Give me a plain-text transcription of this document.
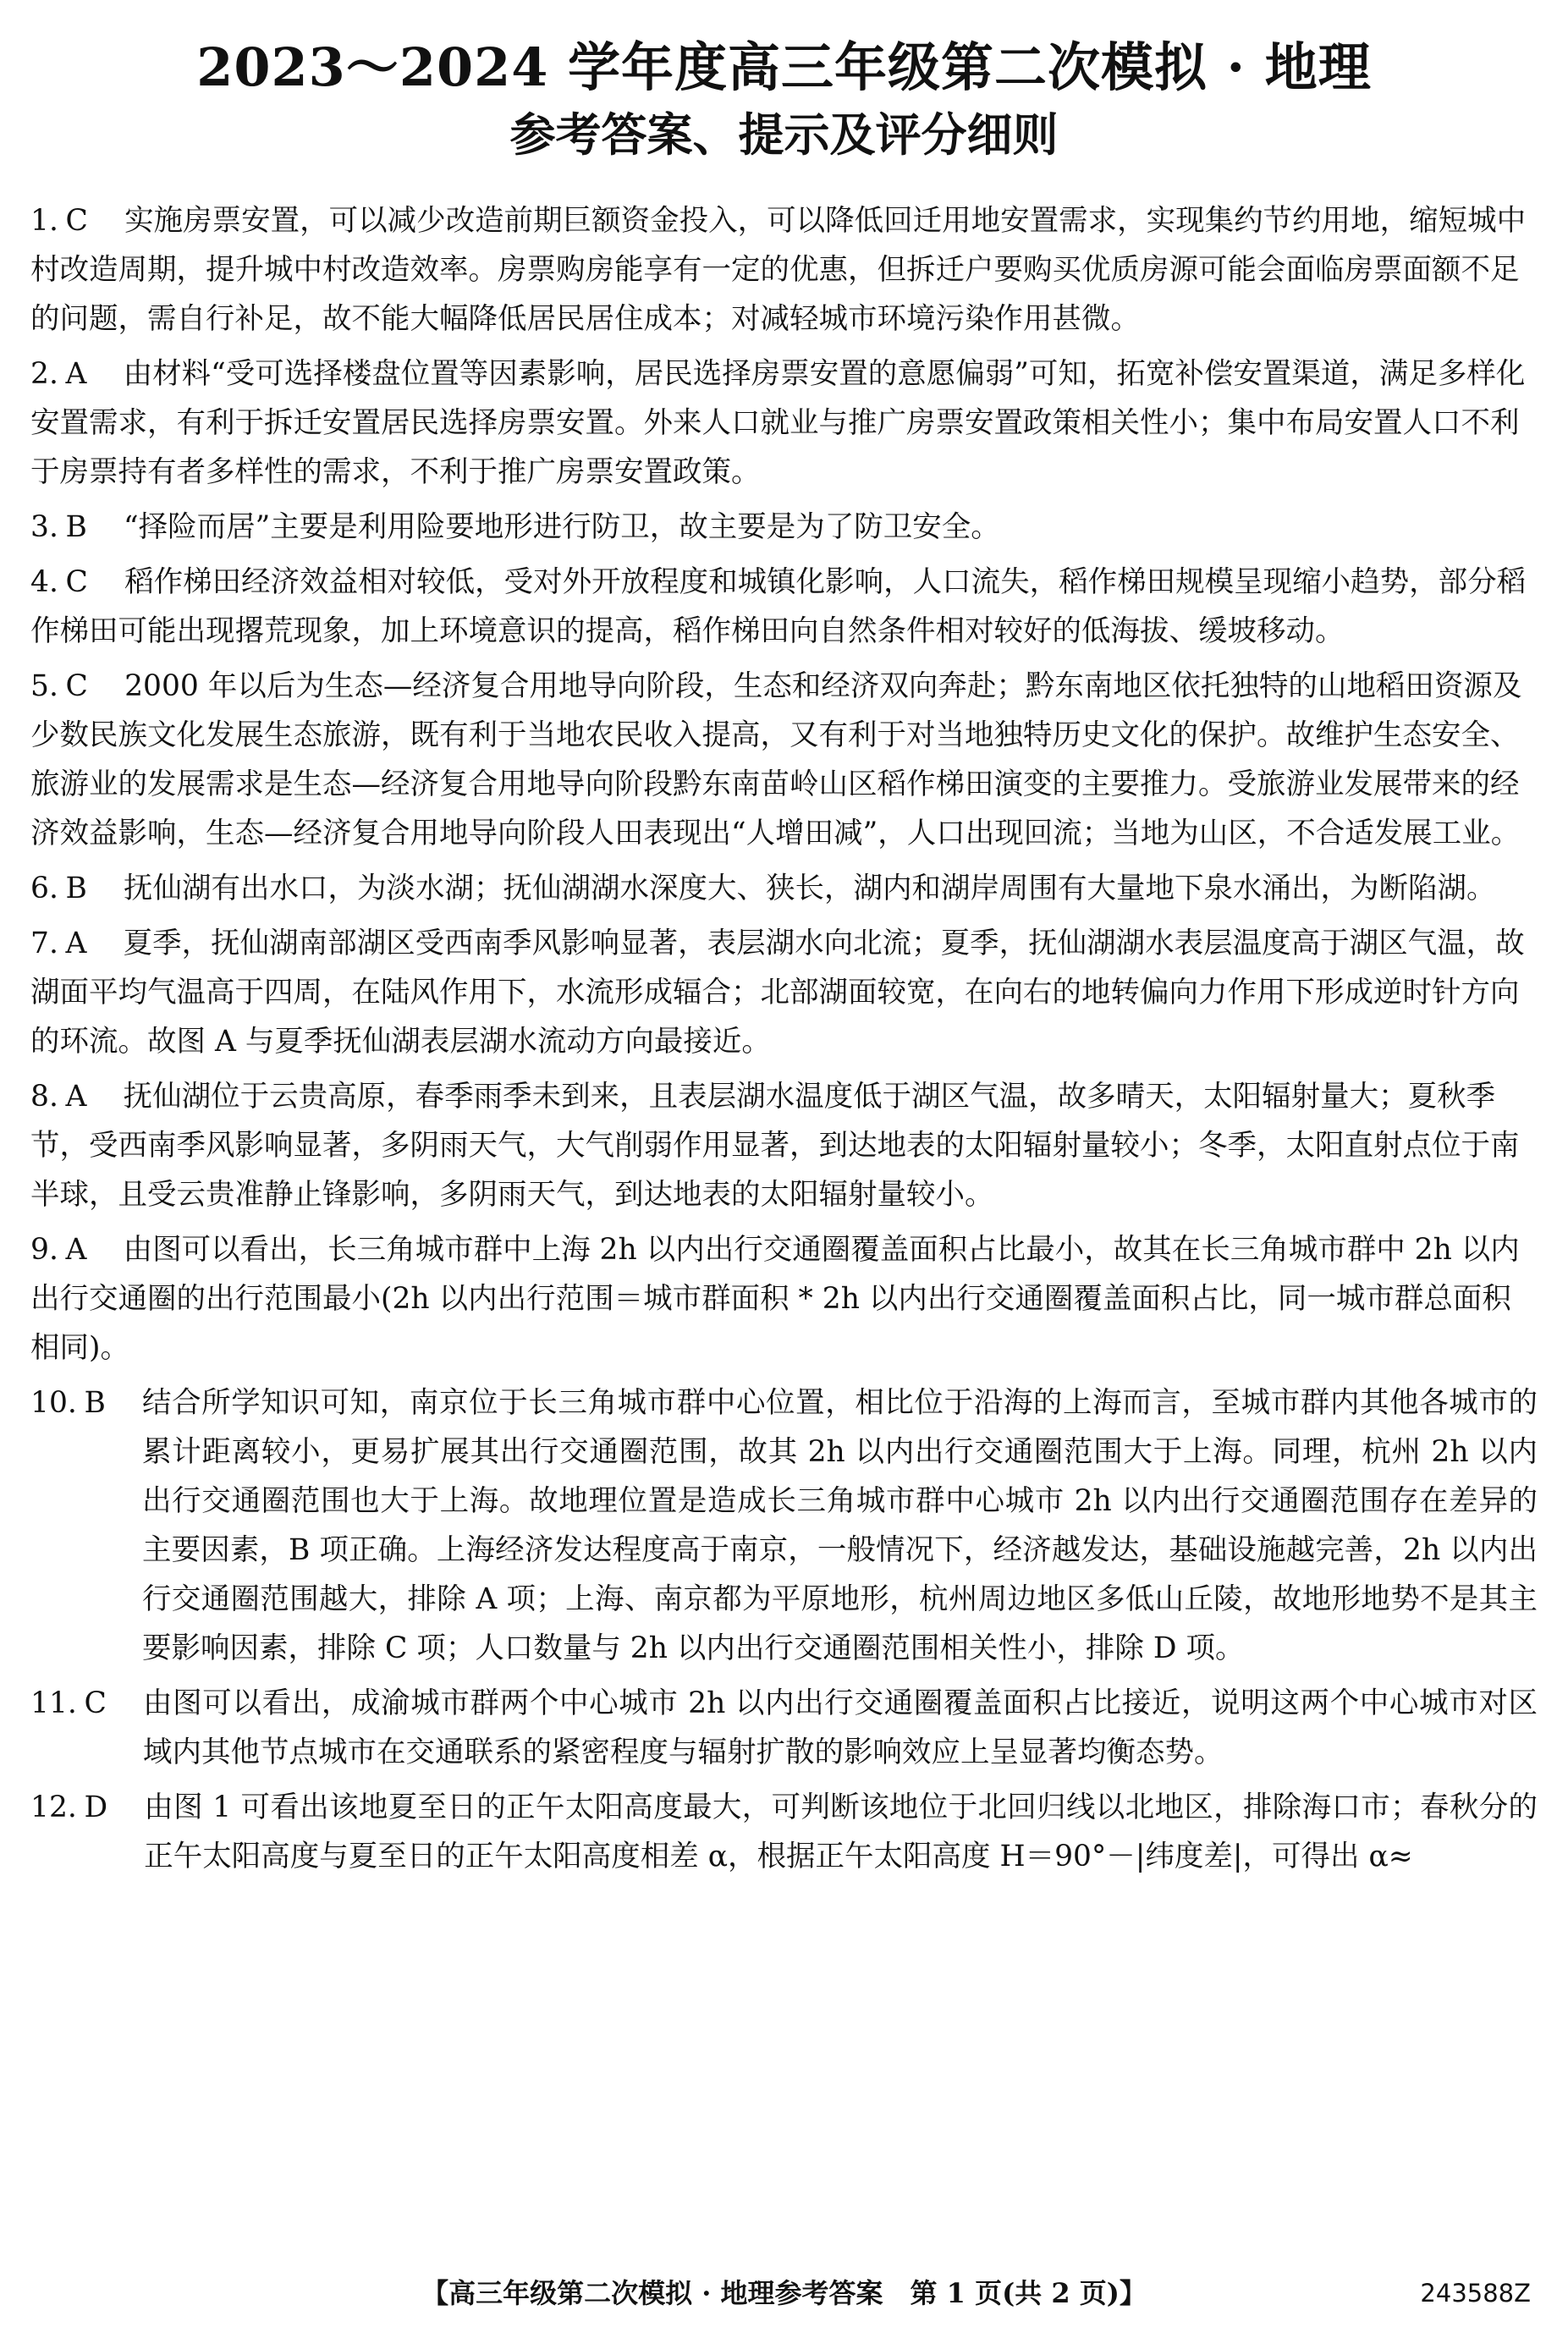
2023～2024 学年度高三年级第二次模拟 · 地理
参考答案、提示及评分细则
1. C 实施房票安置，可以减少改造前期巨额资金投入，可以降低回迁用地安置需求，实现集约节约用地，缩短城中村改造周期，提升城中村改造效率。房票购房能享有一定的优惠，但拆迁户要购买优质房源可能会面临房票面额不足的问题，需自行补足，故不能大幅降低居民居住成本；对减轻城市环境污染作用甚微。
2. A 由材料“受可选择楼盘位置等因素影响，居民选择房票安置的意愿偏弱”可知，拓宽补偿安置渠道，满足多样化安置需求，有利于拆迁安置居民选择房票安置。外来人口就业与推广房票安置政策相关性小；集中布局安置人口不利于房票持有者多样性的需求，不利于推广房票安置政策。
3. B “择险而居”主要是利用险要地形进行防卫，故主要是为了防卫安全。
4. C 稻作梯田经济效益相对较低，受对外开放程度和城镇化影响，人口流失，稻作梯田规模呈现缩小趋势，部分稻作梯田可能出现撂荒现象，加上环境意识的提高，稻作梯田向自然条件相对较好的低海拔、缓坡移动。
5. C 2000 年以后为生态—经济复合用地导向阶段，生态和经济双向奔赴；黔东南地区依托独特的山地稻田资源及少数民族文化发展生态旅游，既有利于当地农民收入提高，又有利于对当地独特历史文化的保护。故维护生态安全、旅游业的发展需求是生态—经济复合用地导向阶段黔东南苗岭山区稻作梯田演变的主要推力。受旅游业发展带来的经济效益影响，生态—经济复合用地导向阶段人田表现出“人增田减”，人口出现回流；当地为山区，不合适发展工业。
6. B 抚仙湖有出水口，为淡水湖；抚仙湖湖水深度大、狭长，湖内和湖岸周围有大量地下泉水涌出，为断陷湖。
7. A 夏季，抚仙湖南部湖区受西南季风影响显著，表层湖水向北流；夏季，抚仙湖湖水表层温度高于湖区气温，故湖面平均气温高于四周，在陆风作用下，水流形成辐合；北部湖面较宽，在向右的地转偏向力作用下形成逆时针方向的环流。故图 A 与夏季抚仙湖表层湖水流动方向最接近。
8. A 抚仙湖位于云贵高原，春季雨季未到来，且表层湖水温度低于湖区气温，故多晴天，太阳辐射量大；夏秋季节，受西南季风影响显著，多阴雨天气，大气削弱作用显著，到达地表的太阳辐射量较小；冬季，太阳直射点位于南半球，且受云贵准静止锋影响，多阴雨天气，到达地表的太阳辐射量较小。
9. A 由图可以看出，长三角城市群中上海 2h 以内出行交通圈覆盖面积占比最小，故其在长三角城市群中 2h 以内出行交通圈的出行范围最小(2h 以内出行范围＝城市群面积 * 2h 以内出行交通圈覆盖面积占比，同一城市群总面积相同)。
10. B	结合所学知识可知，南京位于长三角城市群中心位置，相比位于沿海的上海而言，至城市群内其他各城市的累计距离较小，更易扩展其出行交通圈范围，故其 2h 以内出行交通圈范围大于上海。同理，杭州 2h 以内出行交通圈范围也大于上海。故地理位置是造成长三角城市群中心城市 2h 以内出行交通圈范围存在差异的主要因素，B 项正确。上海经济发达程度高于南京，一般情况下，经济越发达，基础设施越完善，2h 以内出行交通圈范围越大，排除 A 项；上海、南京都为平原地形，杭州周边地区多低山丘陵，故地形地势不是其主要影响因素，排除 C 项；人口数量与 2h 以内出行交通圈范围相关性小，排除 D 项。
11. C	由图可以看出，成渝城市群两个中心城市 2h 以内出行交通圈覆盖面积占比接近，说明这两个中心城市对区域内其他节点城市在交通联系的紧密程度与辐射扩散的影响效应上呈显著均衡态势。
12. D	由图 1 可看出该地夏至日的正午太阳高度最大，可判断该地位于北回归线以北地区，排除海口市；春秋分的正午太阳高度与夏至日的正午太阳高度相差 α，根据正午太阳高度 H＝90°－|纬度差|，可得出 α≈
【高三年级第二次模拟 · 地理参考答案　第 1 页(共 2 页)】	243588Z
